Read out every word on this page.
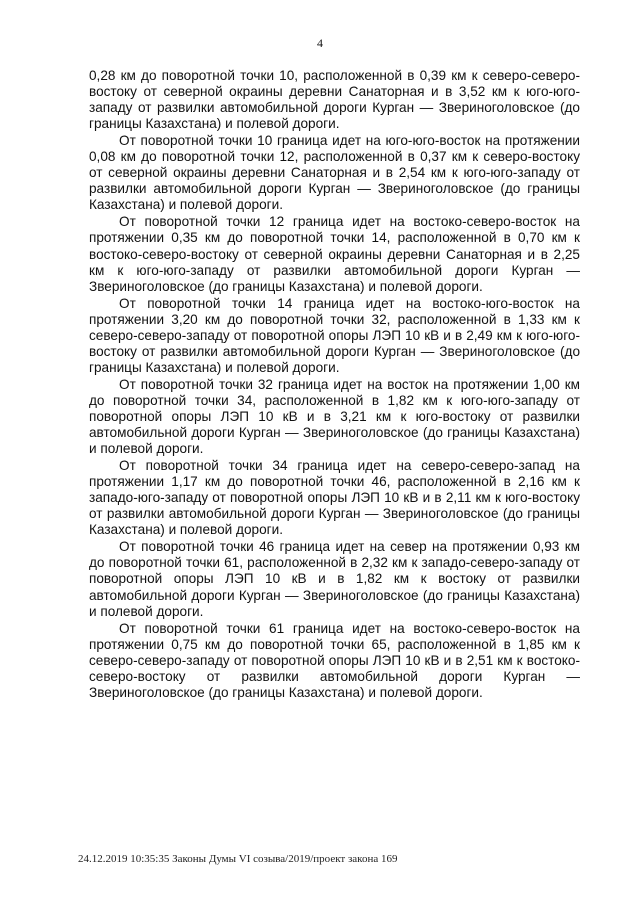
4

0,28 км до поворотной точки 10, расположенной в 0,39 км к северо-северо-востоку от северной окраины деревни Санаторная и в 3,52 км к юго-юго-западу от развилки автомобильной дороги Курган — Звериноголовское (до границы Казахстана) и полевой дороги.

От поворотной точки 10 граница идет на юго-юго-восток на протяжении 0,08 км до поворотной точки 12, расположенной в 0,37 км к северо-востоку от северной окраины деревни Санаторная и в 2,54 км к юго-юго-западу от развилки автомобильной дороги Курган — Звериноголовское (до границы Казахстана) и полевой дороги.

От поворотной точки 12 граница идет на востоко-северо-восток на протяжении 0,35 км до поворотной точки 14, расположенной в 0,70 км к востоко-северо-востоку от северной окраины деревни Санаторная и в 2,25 км к юго-юго-западу от развилки автомобильной дороги Курган — Звериноголовское (до границы Казахстана) и полевой дороги.

От поворотной точки 14 граница идет на востоко-юго-восток на протяжении 3,20 км до поворотной точки 32, расположенной в 1,33 км к северо-северо-западу от поворотной опоры ЛЭП 10 кВ и в 2,49 км к юго-юго-востоку от развилки автомобильной дороги Курган — Звериноголовское (до границы Казахстана) и полевой дороги.

От поворотной точки 32 граница идет на восток на протяжении 1,00 км до поворотной точки 34, расположенной в 1,82 км к юго-юго-западу от поворотной опоры ЛЭП 10 кВ и в 3,21 км к юго-востоку от развилки автомобильной дороги Курган — Звериноголовское (до границы Казахстана) и полевой дороги.

От поворотной точки 34 граница идет на северо-северо-запад на протяжении 1,17 км до поворотной точки 46, расположенной в 2,16 км к западо-юго-западу от поворотной опоры ЛЭП 10 кВ и в 2,11 км к юго-востоку от развилки автомобильной дороги Курган — Звериноголовское (до границы Казахстана) и полевой дороги.

От поворотной точки 46 граница идет на север на протяжении 0,93 км до поворотной точки 61, расположенной в 2,32 км к западо-северо-западу от поворотной опоры ЛЭП 10 кВ и в 1,82 км к востоку от развилки автомобильной дороги Курган — Звериноголовское (до границы Казахстана) и полевой дороги.

От поворотной точки 61 граница идет на востоко-северо-восток на протяжении 0,75 км до поворотной точки 65, расположенной в 1,85 км к северо-северо-западу от поворотной опоры ЛЭП 10 кВ и в 2,51 км к востоко-северо-востоку от развилки автомобильной дороги Курган — Звериноголовское (до границы Казахстана) и полевой дороги.

24.12.2019 10:35:35 Законы Думы VI созыва/2019/проект закона 169
